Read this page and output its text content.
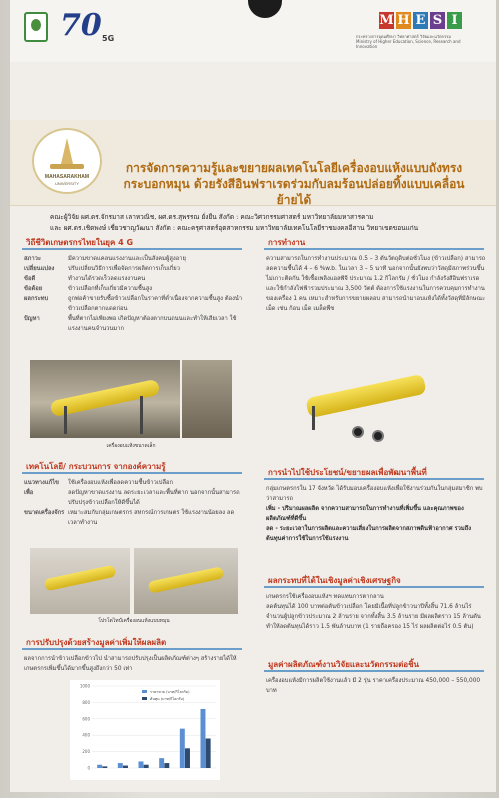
70 5G
M H E S I
กระทรวงการอุดมศึกษา วิทยาศาสตร์ วิจัยและนวัตกรรม Ministry of Higher Education, Science, Research and Innovation
MAHASARAKHAM
UNIVERSITY
การจัดการความรู้และขยายผลเทคโนโลยีเครื่องอบแห้งแบบถังทรงกระบอกหมุน ด้วยรังสีอินฟราเรดร่วมกับลมร้อนปล่อยทิ้งแบบเคลื่อนย้ายได้
คณะผู้วิจัย ผศ.ดร.จักรมาส เลาหวณิช, ผศ.ดร.สุพรรณ ยั่งยืน สังกัด : คณะวิศวกรรมศาสตร์ มหาวิทยาลัยมหาสารคาม
และ ผศ.ดร.เชิดพงษ์ เชี่ยวชาญวัฒนา สังกัด : คณะครุศาสตร์อุตสาหกรรม มหาวิทยาลัยเทคโนโลยีราชมงคลอีสาน วิทยาเขตขอนแก่น
วิถีชีวิตเกษตรกรไทยในยุค 4 G
สภาวะ	มีความขาดแคลนแรงงานและเป็นสังคมผู้สูงอายุ
เปลี่ยนแปลง	ปรับเปลี่ยนวิธีการเพื่อจัดการผลิตการเก็บเกี่ยว
ข้อดี	ทำงานได้รวดเร็วลดแรงงานคน
ข้อด้อย	ข้าวเปลือกที่เก็บเกี่ยวมีความชื้นสูง
ผลกระทบ	ถูกพ่อค้าขายรับซื้อข้าวเปลือกในราคาที่ต่ำเนื่องจากความชื้นสูง ต้องนำข้าวเปลือกตากแดดก่อน
ปัญหา	พื้นที่ตากไม่เพียงพอ เกิดปัญหาต้องตากบนถนนและทำให้เสียเวลา ใช้แรงงานคนจำนวนมาก
เครื่องอบแห้งขนาดเล็ก
เทคโนโลยี/ กระบวนการ จากองค์ความรู้
แนวทางแก้ไข	ใช้เครื่องอบแห้งเพื่อลดความชื้นข้าวเปลือก
เพื่อ	ลดปัญหาขาดแรงงาน ลดระยะเวลาและพื้นที่ตาก นอกจากนั้นสามารถปรับปรุงข้าวเปลือกให้ดีขึ้นได้
ขนาดเครื่องจักร เหมาะสมกับกลุ่มเกษตรกร สหกรณ์การเกษตร ใช้แรงงานน้อยลง ลดเวลาทำงาน
โปรโตไทป์เครื่องอบแห้งแบบหมุน
การปรับปรุงด้วยสร้างมูลค่าเพิ่มให้ผลผลิต
ผลจากการนำข้าวเปลือกข้าวไป นำสามารถปรับปรุงเป็นผลิตภัณฑ์ต่างๆ สร้างรายได้ให้เกษตรกรเพิ่มขึ้นได้มากขึ้นสูงถึงกว่า 50 เท่า
1000
800
600
400
200
0
ราคาขาย (บาท/กิโลกรัม)
ต้นทุน (บาท/กิโลกรัม)
การทำงาน
ความสามารถในการทำงานประมาณ 0.5 – 3 ตันวัตถุดิบต่อชั่วโมง (ข้าวเปลือก) สามารถลดความชื้นได้ 4 – 6 %w.b. ในเวลา 3 – 5 นาที นอกจากนั้นยังพบว่าวัสดุมีสภาพร่วนขึ้นไม่เกาะติดกัน ใช้เชื้อเพลิงแอลพีจี ประมาณ 1.2 กิโลกรัม / ชั่วโมง กำลังรังสีอินฟราเรด และใช้กำลังไฟฟ้ารวมประมาณ 3,500 วัตต์ ต้องการใช้แรงงานในการควบคุมการทำงานของเครื่อง 1 คน เหมาะสำหรับการขยายผลอบ สามารถนำมาอบแห้งได้ทั้งวัสดุที่มีลักษณะเม็ด เช่น ก้อน เม็ด เมล็ดพืช
การนำไปใช้ประโยชน์/ขยายผลเพื่อพัฒนาพื้นที่
กลุ่มเกษตรกรใน 17 จังหวัด ได้รับมอบเครื่องอบแห้งเพื่อใช้งานร่วมกันในกลุ่มสมาชิก พบว่าสามารถ
เพิ่ม - ปริมาณผลผลิต จากความสามารถในการทำงานที่เพิ่มขึ้น และคุณภาพของผลิตภัณฑ์ที่ดีขึ้น
ลด - ระยะเวลาในการผลิตและความเสี่ยงในการผลิตจากสภาพดินฟ้าอากาศ รวมถึงต้นทุนค่าการใช้ในการใช้แรงงาน
ผลกระทบที่ได้ในเชิงมูลค่าเชิงเศรษฐกิจ
เกษตรกรใช้เครื่องอบแห้งฯ ทดแทนการตากลาน
ลดต้นทุนได้ 100 บาทต่อตันข้าวเปลือก โดยมีเนื้อที่ปลูกข้าวนาปีทั้งสิ้น 71.6 ล้านไร่ จำนวนผู้ปลูกข้าวประมาณ 2 ล้านราย จากทั้งสิ้น 3.5 ล้านราย มีผลผลิตราว 15 ล้านตัน ทำให้ลดต้นทุนได้ราว 1.5 พันล้านบาท (1 รายถือครอง 15 ไร่ ผลผลิตต่อไร่ 0.5 ตัน)
มูลค่าผลิตภัณฑ์งานวิจัยและนวัตกรรมต่อชิ้น
เครื่องอบแห้งมีการผลิตใช้งานแล้ว มี 2 รุ่น ราคาเครื่องประมาณ 450,000 – 550,000 บาท
